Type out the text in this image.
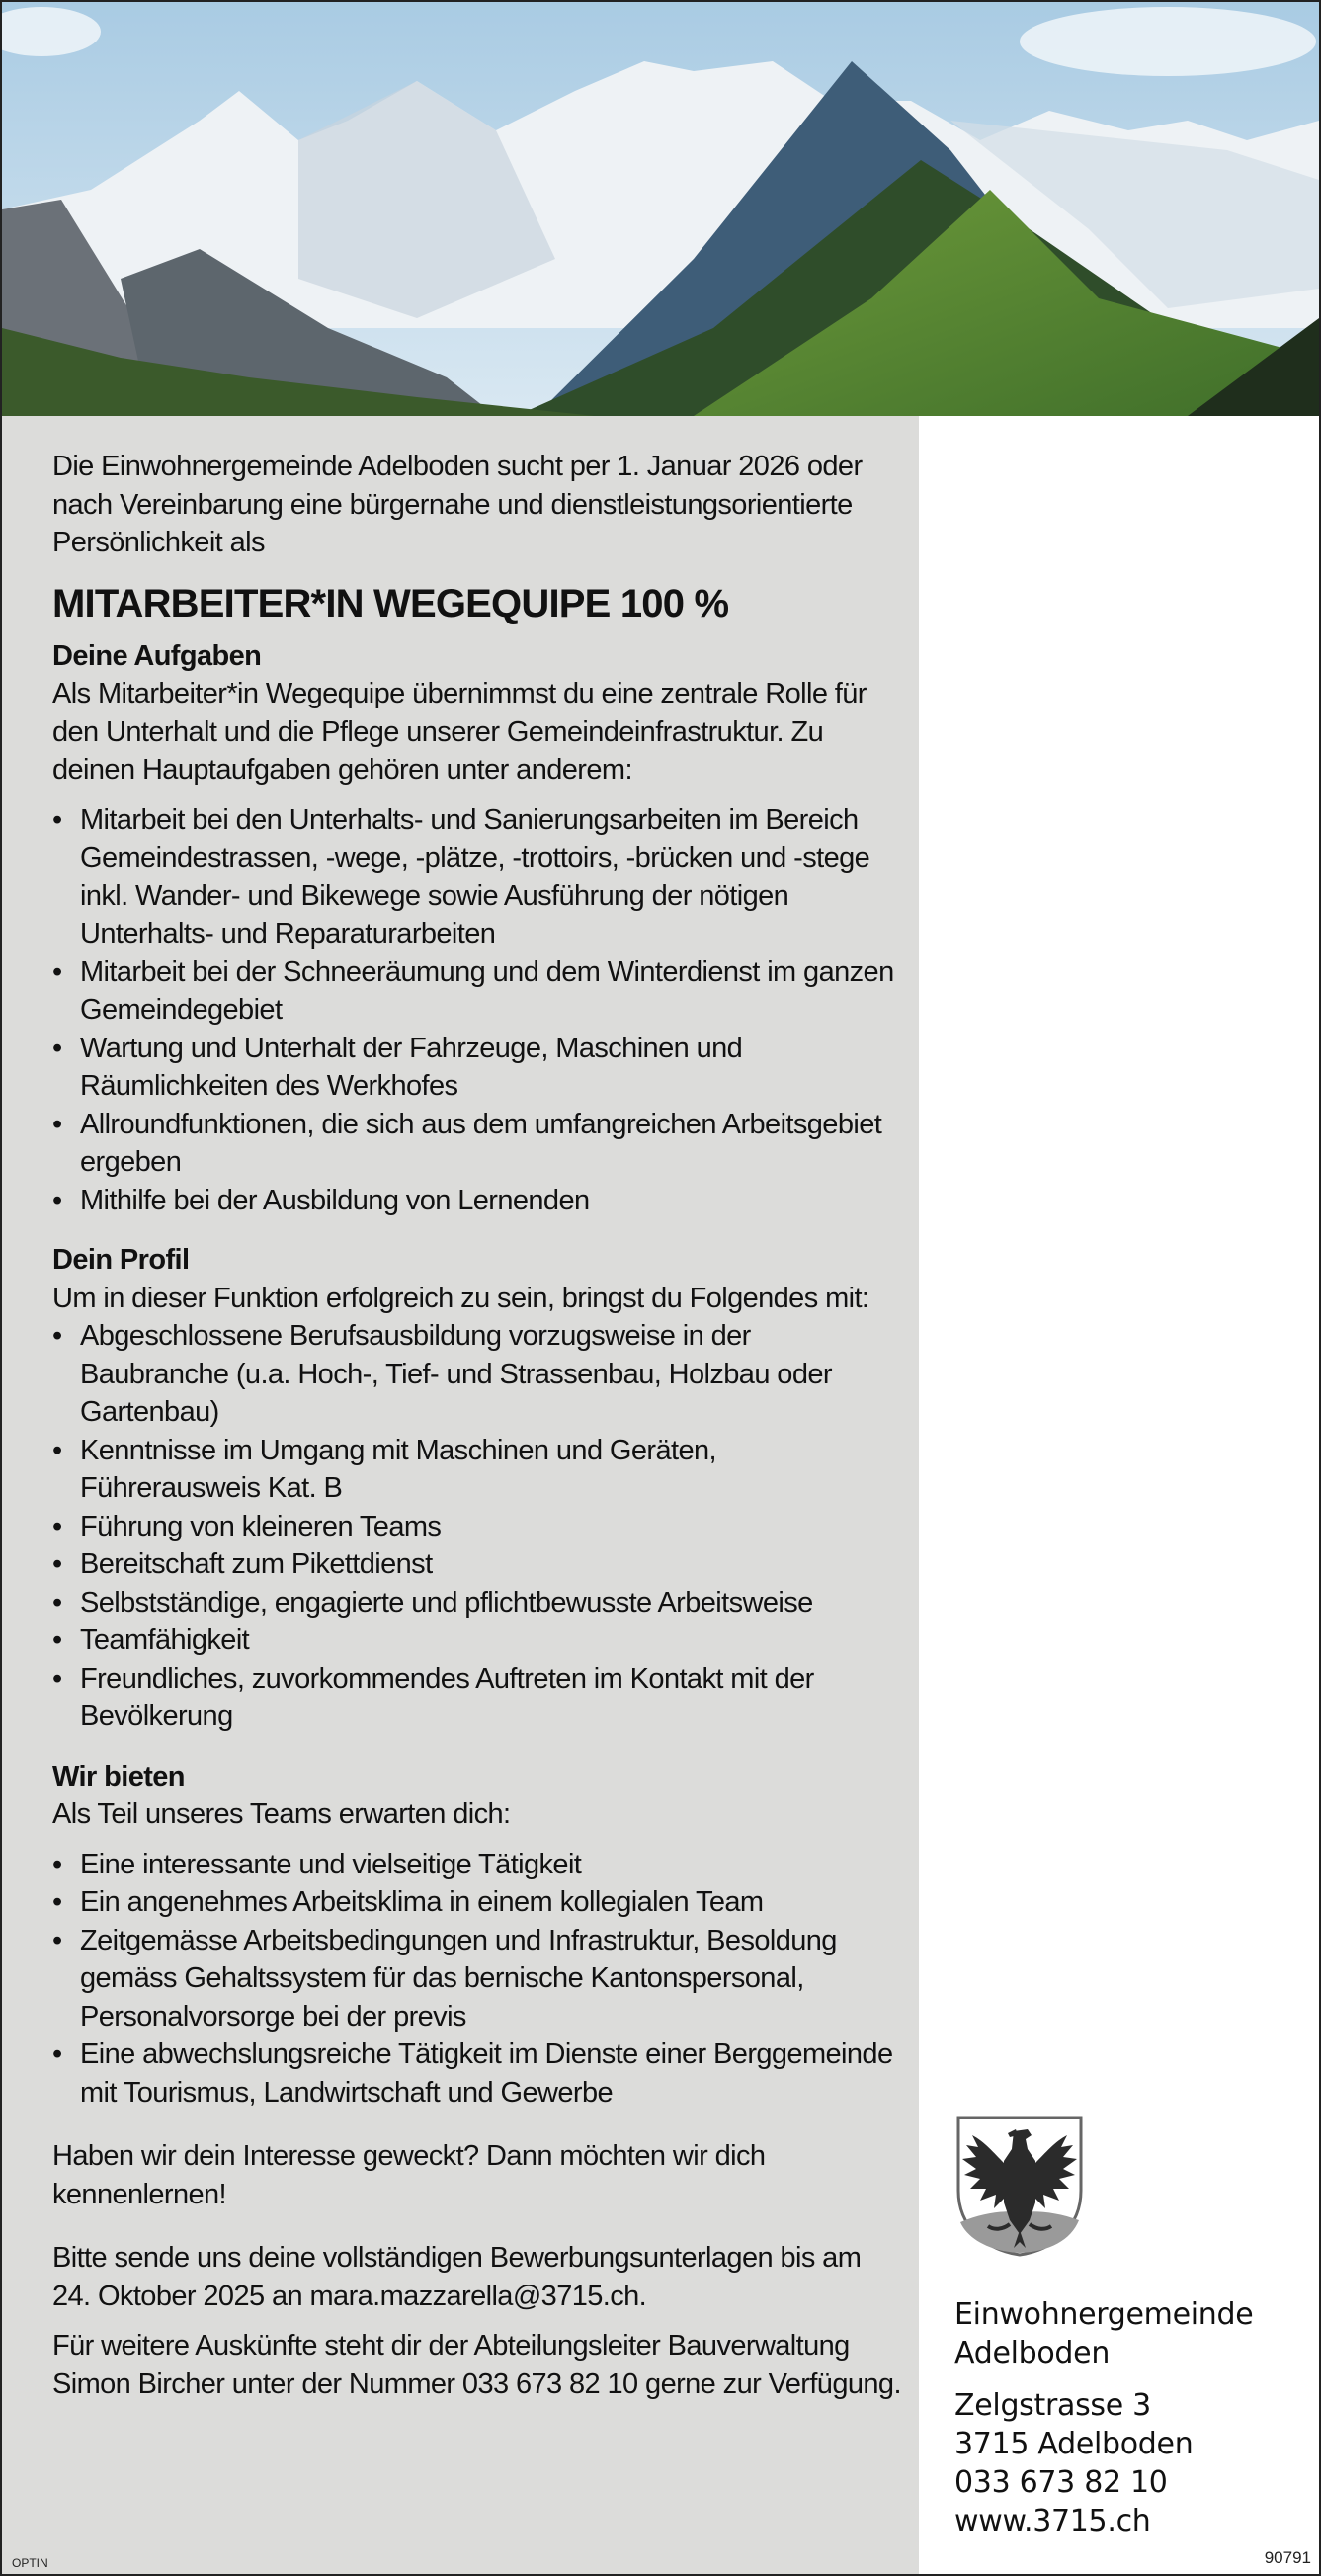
Die Einwohnergemeinde Adelboden sucht per 1. Januar 2026 oder nach Vereinbarung eine bürgernahe und dienstleistungsorientierte Persönlichkeit als

MITARBEITER*IN WEGEQUIPE 100 %

Deine Aufgaben

Als Mitarbeiter*in Wegequipe übernimmst du eine zentrale Rolle für den Unterhalt und die Pflege unserer Gemeindeinfrastruktur. Zu deinen Hauptaufgaben gehören unter anderem:

• Mitarbeit bei den Unterhalts- und Sanierungsarbeiten im Bereich Gemeindestrassen, -wege, -plätze, -trottoirs, -brücken und -stege inkl. Wander- und Bikewege sowie Ausführung der nötigen Unterhalts- und Reparaturarbeiten
• Mitarbeit bei der Schneeräumung und dem Winterdienst im ganzen Gemeindegebiet
• Wartung und Unterhalt der Fahrzeuge, Maschinen und Räumlichkeiten des Werkhofes
• Allroundfunktionen, die sich aus dem umfangreichen Arbeitsgebiet ergeben
• Mithilfe bei der Ausbildung von Lernenden

Dein Profil

Um in dieser Funktion erfolgreich zu sein, bringst du Folgendes mit:

• Abgeschlossene Berufsausbildung vorzugsweise in der Baubranche (u.a. Hoch-, Tief- und Strassenbau, Holzbau oder Gartenbau)
• Kenntnisse im Umgang mit Maschinen und Geräten, Führerausweis Kat. B
• Führung von kleineren Teams
• Bereitschaft zum Pikettdienst
• Selbstständige, engagierte und pflichtbewusste Arbeitsweise
• Teamfähigkeit
• Freundliches, zuvorkommendes Auftreten im Kontakt mit der Bevölkerung

Wir bieten

Als Teil unseres Teams erwarten dich:

• Eine interessante und vielseitige Tätigkeit
• Ein angenehmes Arbeitsklima in einem kollegialen Team
• Zeitgemässe Arbeitsbedingungen und Infrastruktur, Besoldung gemäss Gehaltssystem für das bernische Kantonspersonal, Personalvorsorge bei der previs
• Eine abwechslungsreiche Tätigkeit im Dienste einer Berggemeinde mit Tourismus, Landwirtschaft und Gewerbe

Haben wir dein Interesse geweckt? Dann möchten wir dich kennenlernen!

Bitte sende uns deine vollständigen Bewerbungsunterlagen bis am 24. Oktober 2025 an mara.mazzarella@3715.ch.

Für weitere Auskünfte steht dir der Abteilungsleiter Bauverwaltung Simon Bircher unter der Nummer 033 673 82 10 gerne zur Verfügung.

OPTIN

Einwohnergemeinde

Adelboden

Zelgstrasse 3

3715 Adelboden

033 673 82 10

www.3715.ch

90791
